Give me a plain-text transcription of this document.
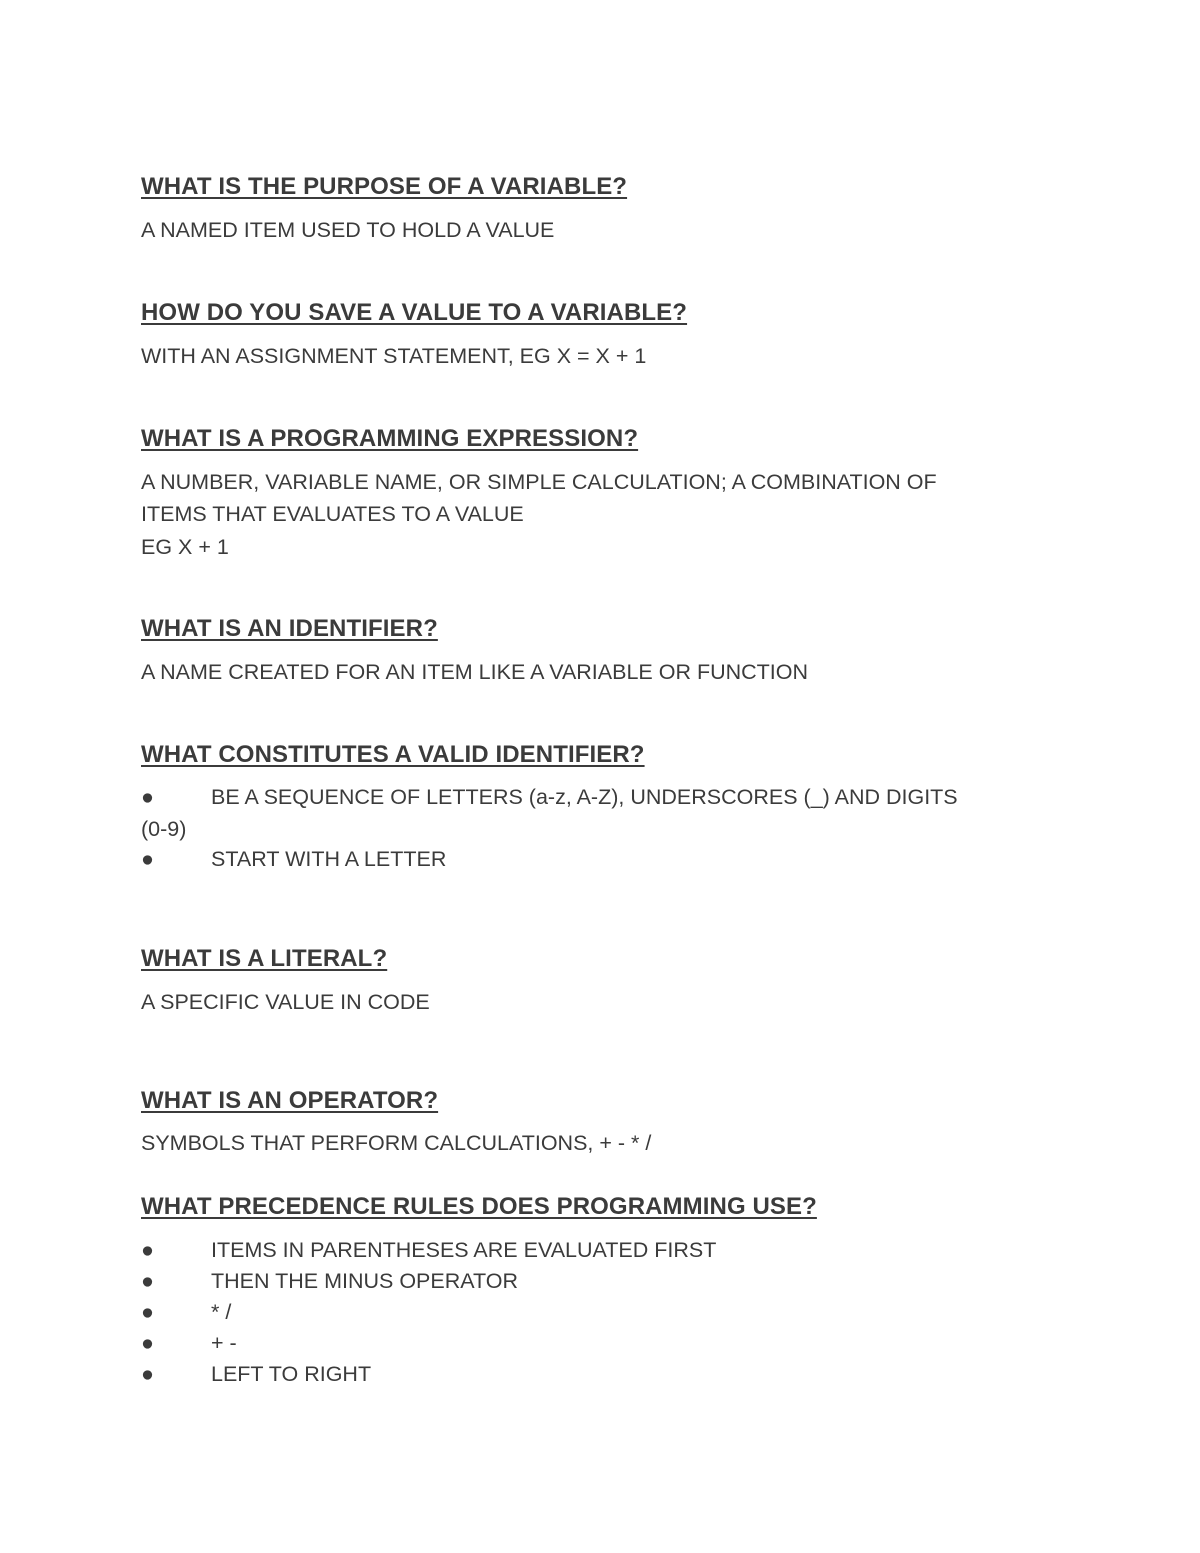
WHAT IS THE PURPOSE OF A VARIABLE?

A NAMED ITEM USED TO HOLD A VALUE

HOW DO YOU SAVE A VALUE TO A VARIABLE?

WITH AN ASSIGNMENT STATEMENT, EG X = X + 1

WHAT IS A PROGRAMMING EXPRESSION?

A NUMBER, VARIABLE NAME, OR SIMPLE CALCULATION; A COMBINATION OF

ITEMS THAT EVALUATES TO A VALUE

EG X + 1

WHAT IS AN IDENTIFIER?

A NAME CREATED FOR AN ITEM LIKE A VARIABLE OR FUNCTION

WHAT CONSTITUTES A VALID IDENTIFIER?

●	BE A SEQUENCE OF LETTERS (a-z, A-Z), UNDERSCORES (_) AND DIGITS

(0-9)

●	START WITH A LETTER

WHAT IS A LITERAL?

A SPECIFIC VALUE IN CODE

WHAT IS AN OPERATOR?

SYMBOLS THAT PERFORM CALCULATIONS, + - * /

WHAT PRECEDENCE RULES DOES PROGRAMMING USE?

●	ITEMS IN PARENTHESES ARE EVALUATED FIRST

●	THEN THE MINUS OPERATOR

●	* /

●	+ -

●	LEFT TO RIGHT
